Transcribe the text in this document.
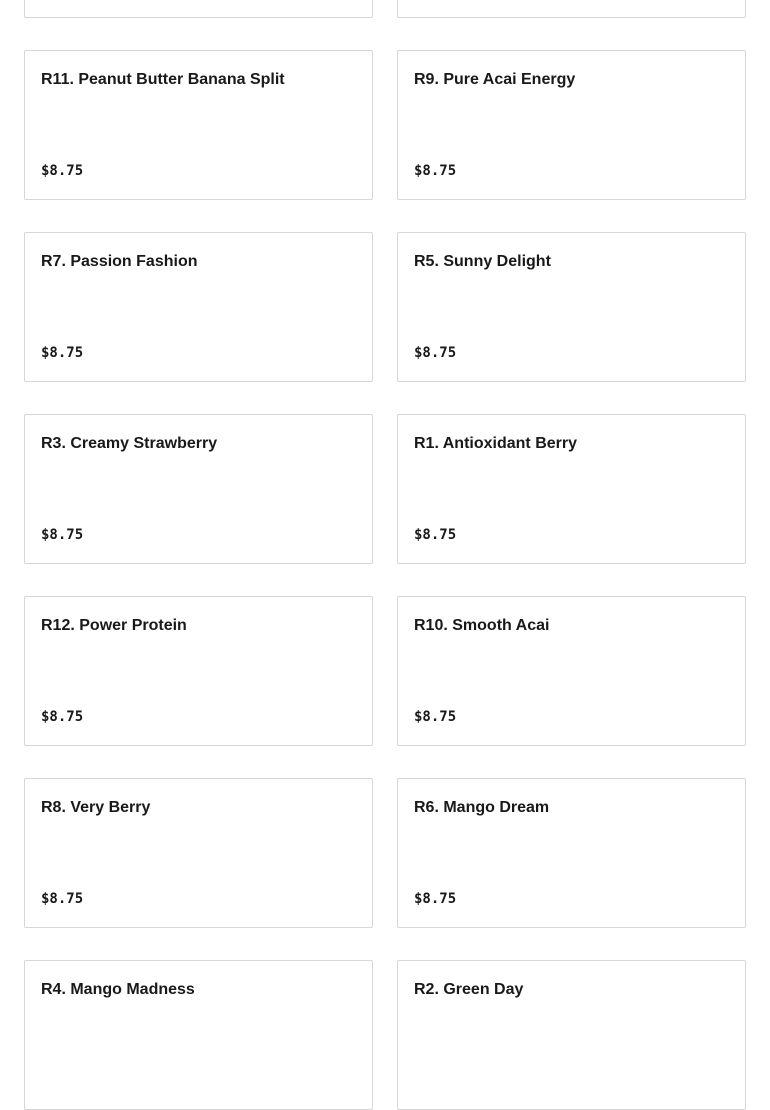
R11. Peanut Butter Banana Split
$8.75
R9. Pure Acai Energy
$8.75
R7. Passion Fashion
$8.75
R5. Sunny Delight
$8.75
R3. Creamy Strawberry
$8.75
R1. Antioxidant Berry
$8.75
R12. Power Protein
$8.75
R10. Smooth Acai
$8.75
R8. Very Berry
$8.75
R6. Mango Dream
$8.75
R4. Mango Madness	R2. Green Day
